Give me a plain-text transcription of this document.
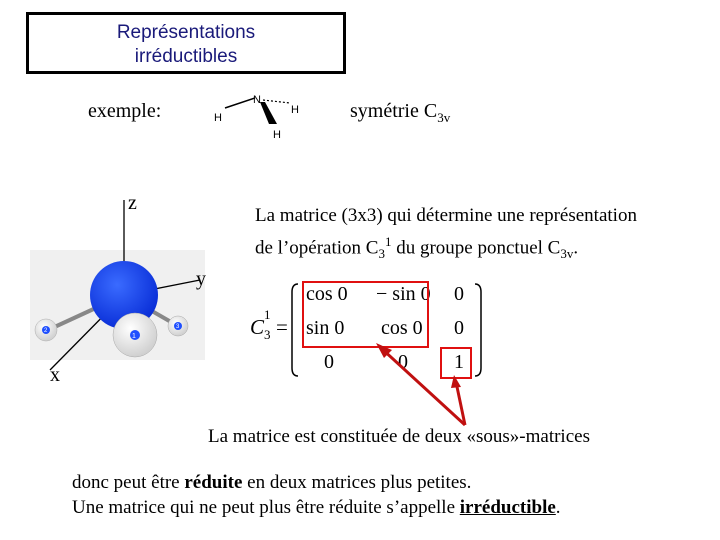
Représentations
irréductibles
exemple:	N
H
H
H
symétrie $C_{3v}$
1
2
3
z
y
x
La matrice (3x3) qui détermine une représentation
de l’opération $C_3^1$ du groupe ponctuel $C_{3v}$.
C
1
3 =
cos 0	− sin 0	0
sin 0	cos 0	0
0	0	1
La matrice est constituée de deux «sous»-matrices
donc peut être réduite en deux matrices plus petites.
Une matrice qui ne peut plus être réduite s’appelle irréductible.
